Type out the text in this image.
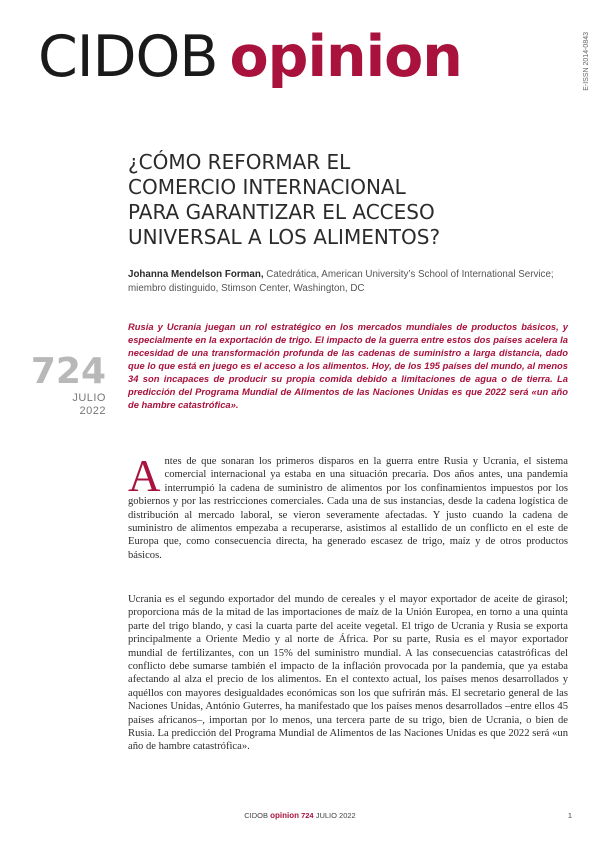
CIDOB opinion	E-ISSN 2014-0843
¿CÓMO REFORMAR EL
COMERCIO INTERNACIONAL
PARA GARANTIZAR EL ACCESO
UNIVERSAL A LOS ALIMENTOS?
Johanna Mendelson Forman, Catedrática, American University’s School of International Service; miembro distinguido, Stimson Center, Washington, DC
724
JULIO
2022
Rusia y Ucrania juegan un rol estratégico en los mercados mundiales de productos básicos, y especialmente en la exportación de trigo. El impacto de la guerra entre estos dos países acelera la necesidad de una transformación profunda de las cadenas de suministro a larga distancia, dado que lo que está en juego es el acceso a los alimentos. Hoy, de los 195 países del mundo, al menos 34 son incapaces de producir su propia comida debido a limitaciones de agua o de tierra. La predicción del Programa Mundial de Alimentos de las Naciones Unidas es que 2022 será «un año de hambre catastrófica».
Antes de que sonaran los primeros disparos en la guerra entre Rusia y Ucrania, el sistema comercial internacional ya estaba en una situación precaria. Dos años antes, una pandemia interrumpió la cadena de suministro de alimentos por los confinamientos impuestos por los gobiernos y por las restricciones comerciales. Cada una de sus instancias, desde la cadena logística de distribución al mercado laboral, se vieron severamente afectadas. Y justo cuando la cadena de suministro de alimentos empezaba a recuperarse, asistimos al estallido de un conflicto en el este de Europa que, como consecuencia directa, ha generado escasez de trigo, maíz y de otros productos básicos.
Ucrania es el segundo exportador del mundo de cereales y el mayor exportador de aceite de girasol; proporciona más de la mitad de las importaciones de maíz de la Unión Europea, en torno a una quinta parte del trigo blando, y casi la cuarta parte del aceite vegetal. El trigo de Ucrania y Rusia se exporta principalmente a Oriente Medio y al norte de África. Por su parte, Rusia es el mayor exportador mundial de fertilizantes, con un 15% del suministro mundial. A las consecuencias catastróficas del conflicto debe sumarse también el impacto de la inflación provocada por la pandemia, que ya estaba afectando al alza el precio de los alimentos. En el contexto actual, los países menos desarrollados y aquéllos con mayores desigualdades económicas son los que sufrirán más. El secretario general de las Naciones Unidas, António Guterres, ha manifestado que los países menos desarrollados –entre ellos 45 países africanos–, importan por lo menos, una tercera parte de su trigo, bien de Ucrania, o bien de Rusia. La predicción del Programa Mundial de Alimentos de las Naciones Unidas es que 2022 será «un año de hambre catastrófica».
CIDOB opinion 724 JULIO 2022	1
